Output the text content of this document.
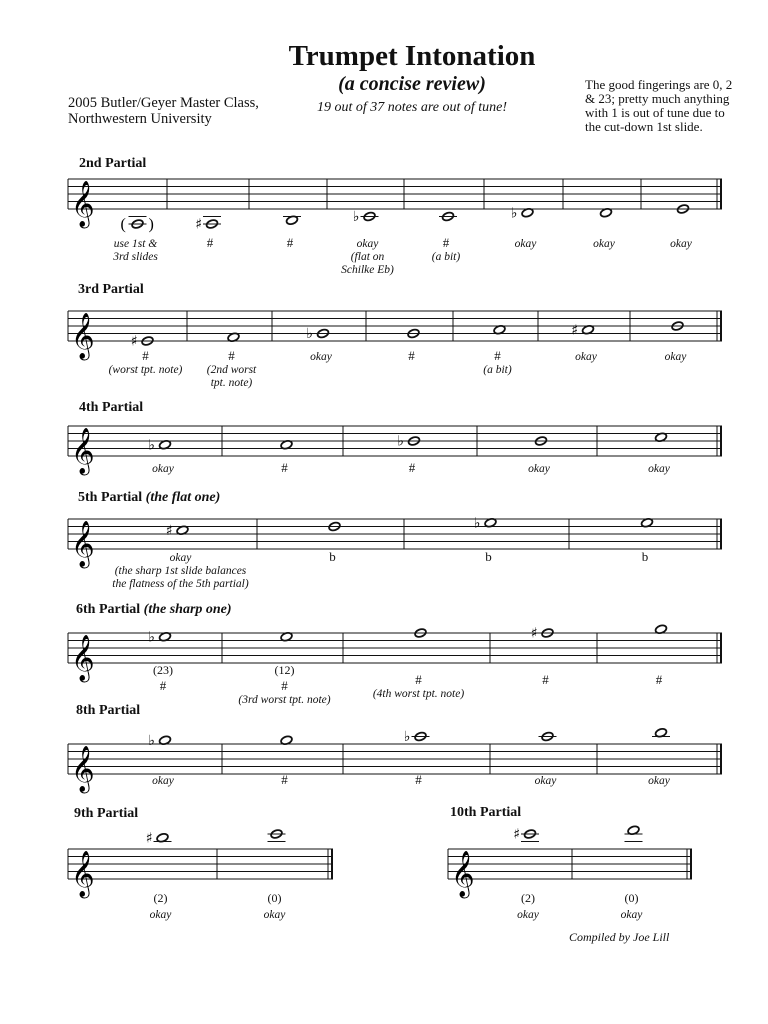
Trumpet Intonation
(a concise review)
19 out of 37 notes are out of tune!
2005 Butler/Geyer Master Class,
Northwestern University
The good fingerings are 0, 2 & 23; pretty much anything with 1 is out of tune due to the cut-down 1st slide.
2nd Partial
3rd Partial
4th Partial
5th Partial (the flat one)
6th Partial (the sharp one)
8th Partial
9th Partial	10th Partial
𝄞 ( )
use 1st &
3rd slides
♯
#	#
♭
okay
(flat on
Schilke Eb)
#
(a bit)
♭
okay	okay	okay
𝄞	♯
#
(worst tpt. note)
#
(2nd worst
tpt. note)
♭
okay	#	#
(a bit)
♯
okay	okay
𝄞	♭
okay	#
♭
#	okay	okay
𝄞	♯
okay
(the sharp 1st slide balances
the flatness of the 5th partial)
b
♭
b	b
𝄞	♭
(23)
#
(12)
#
(3rd worst tpt. note)
#
(4th worst tpt. note)
♯
#	#
𝄞
♭
okay	#
♭
#	okay	okay
𝄞
♯
(2)
okay
(0)
okay
𝄞
♯
(2)
okay
(0)
okay
Compiled by Joe Lill
